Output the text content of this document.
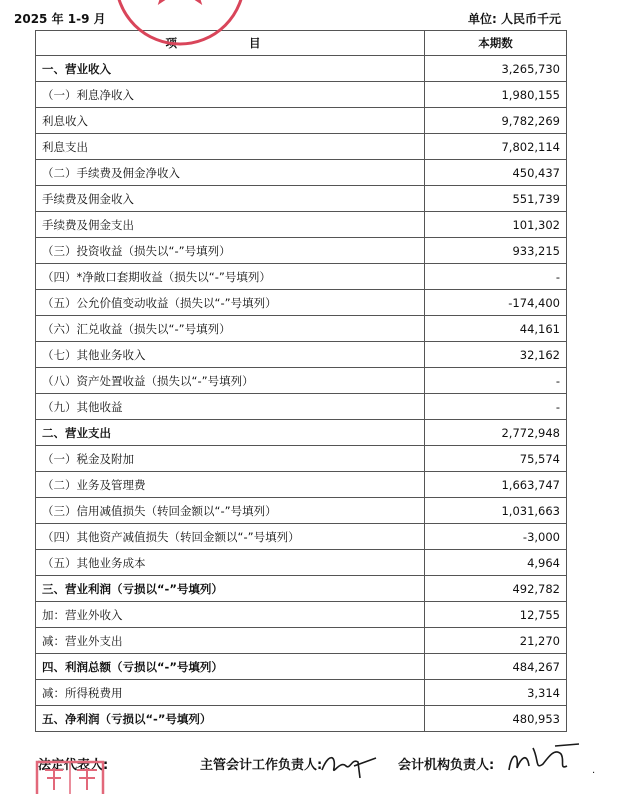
2025 年 1-9 月	单位: 人民币千元
项 目	本期数
一、营业收入	3,265,730
（一）利息净收入	1,980,155
利息收入	9,782,269
利息支出	7,802,114
（二）手续费及佣金净收入	450,437
手续费及佣金收入	551,739
手续费及佣金支出	101,302
（三）投资收益（损失以“-”号填列）	933,215
（四）*净敞口套期收益（损失以“-”号填列）	-
（五）公允价值变动收益（损失以“-”号填列）	-174,400
（六）汇兑收益（损失以“-”号填列）	44,161
（七）其他业务收入	32,162
（八）资产处置收益（损失以“-”号填列）	-
（九）其他收益	-
二、营业支出	2,772,948
（一）税金及附加	75,574
（二）业务及管理费	1,663,747
（三）信用减值损失（转回金额以“-”号填列）	1,031,663
（四）其他资产减值损失（转回金额以“-”号填列）	-3,000
（五）其他业务成本	4,964
三、营业利润（亏损以“-”号填列）	492,782
加：营业外收入	12,755
减：营业外支出	21,270
四、利润总额（亏损以“-”号填列）	484,267
减：所得税费用	3,314
五、净利润（亏损以“-”号填列）	480,953
法定代表人:	主管会计工作负责人:	会计机构负责人:
·
